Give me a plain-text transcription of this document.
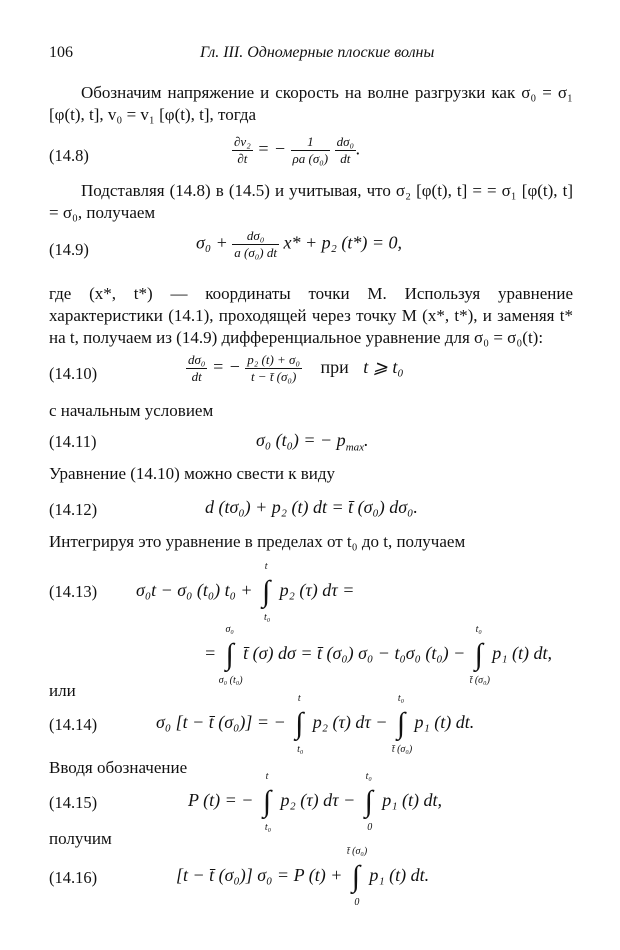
106	Гл. III. Одномерные плоские волны
Обозначим напряжение и скорость на волне разгрузки как σ₀ = σ₁ [φ(t), t], v₀ = v₁ [φ(t), t], тогда
(14.8)	$\frac{\text{∂v₂}}{\partial t}$ = − $\frac{1}{\text{ρa (σ₀)}}$
$\frac{\text{dσ₀}}{dt}$ .
Подставляя (14.8) в (14.5) и учитывая, что σ₂ [φ(t), t] = = σ₁ [φ(t), t] = σ₀, получаем
(14.9)	$\sigma_0 + \frac{\text{dσ₀}}{\text{a (σ₀) dt}} x* + p_2$ (t*) = 0,
где (x*, t*) — координаты точки M. Используя уравнение характеристики (14.1), проходящей через точку M (x*, t*), и заменяя t* на t, получаем из (14.9) дифференциальное уравнение для σ₀ = σ₀(t):
(14.10)	$\frac{\text{dσ₀}}{dt}$ = − $\frac{\text{p₂ (t) + σ₀}}{\text{t − t̄ (σ₀)}}$ при t ⩾ t₀
с начальным условием
(14.11)	σ₀ (t₀) = − $p_{max}$.
Уравнение (14.10) можно свести к виду
(14.12)	d (tσ₀) + p₂ (t) dt = t̄ (σ₀) dσ₀.
Интегрируя это уравнение в пределах от t₀ до t, получаем
(14.13) σ₀t − σ₀ (t₀) t₀ +
t
∫
t₀
p₂ (τ) dτ =
=
σ₀
∫
σ₀ (t₀)
t̄ (σ) dσ = t̄ (σ₀) σ₀ − t₀σ₀ (t₀) −
t₀
∫
t̄ (σ₀)
p₁ (t) dt,
или
(14.14)	σ₀ [t − t̄ (σ₀)] = −
t
∫
t₀
p₂ (τ) dτ −
t₀
∫
t̄ (σ₀)
p₁ (t) dt.
Вводя обозначение
(14.15)	P (t) = −
t
∫
t₀
p₂ (τ) dτ −
t₀
∫
0
p₁ (t) dt,
получим
(14.16)	[t − t̄ (σ₀)] σ₀ = P (t) +
t̄ (σ₀)
∫
0
p₁ (t) dt.
